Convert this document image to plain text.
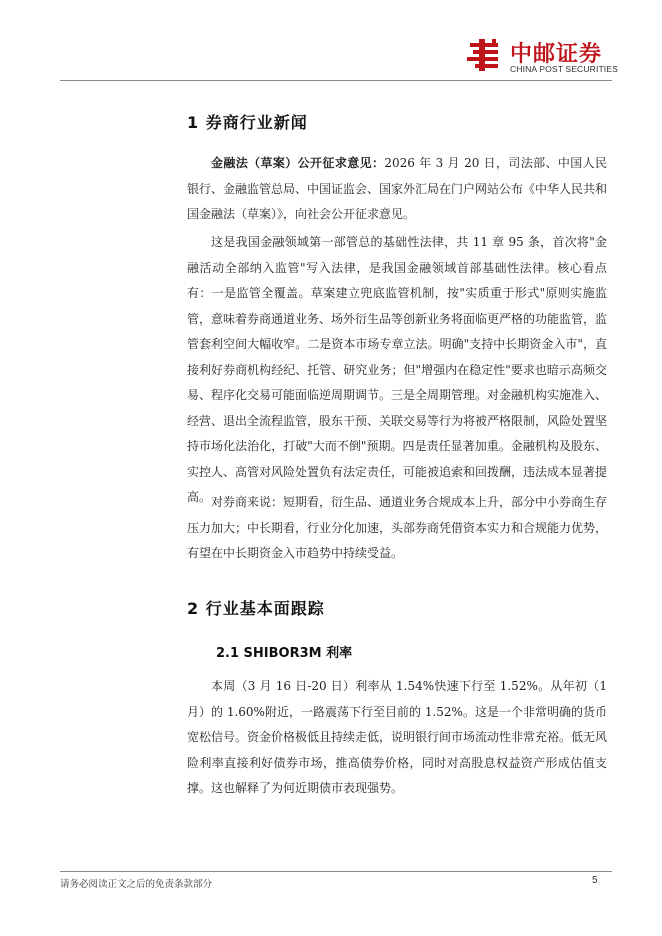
中邮证券
CHINA POST SECURITIES
1 券商行业新闻

金融法（草案）公开征求意见：2026 年 3 月 20 日，司法部、中国人民银行、金融监管总局、中国证监会、国家外汇局在门户网站公布《中华人民共和国金融法（草案）》，向社会公开征求意见。

这是我国金融领域第一部管总的基础性法律，共 11 章 95 条，首次将"金融活动全部纳入监管"写入法律，是我国金融领域首部基础性法律。核心看点有：一是监管全覆盖。草案建立兜底监管机制，按"实质重于形式"原则实施监管，意味着券商通道业务、场外衍生品等创新业务将面临更严格的功能监管，监管套利空间大幅收窄。二是资本市场专章立法。明确"支持中长期资金入市"，直接利好券商机构经纪、托管、研究业务；但"增强内在稳定性"要求也暗示高频交易、程序化交易可能面临逆周期调节。三是全周期管理。对金融机构实施准入、经营、退出全流程监管，股东干预、关联交易等行为将被严格限制，风险处置坚持市场化法治化，打破"大而不倒"预期。四是责任显著加重。金融机构及股东、实控人、高管对风险处置负有法定责任，可能被追索和回拨酬，违法成本显著提高。 对券商来说：短期看，衍生品、通道业务合规成本上升，部分中小券商生存压力加大；中长期看，行业分化加速，头部券商凭借资本实力和合规能力优势，有望在中长期资金入市趋势中持续受益。

2 行业基本面跟踪
2.1 SHIBOR3M 利率

本周（3 月 16 日-20 日）利率从 1.54%快速下行至 1.52%。从年初（1 月）的 1.60%附近，一路震荡下行至目前的 1.52%。这是一个非常明确的货币宽松信号。资金价格极低且持续走低，说明银行间市场流动性非常充裕。低无风险利率直接利好债券市场，推高债券价格，同时对高股息权益资产形成估值支撑。这也解释了为何近期债市表现强势。

请务必阅读正文之后的免责条款部分	5
